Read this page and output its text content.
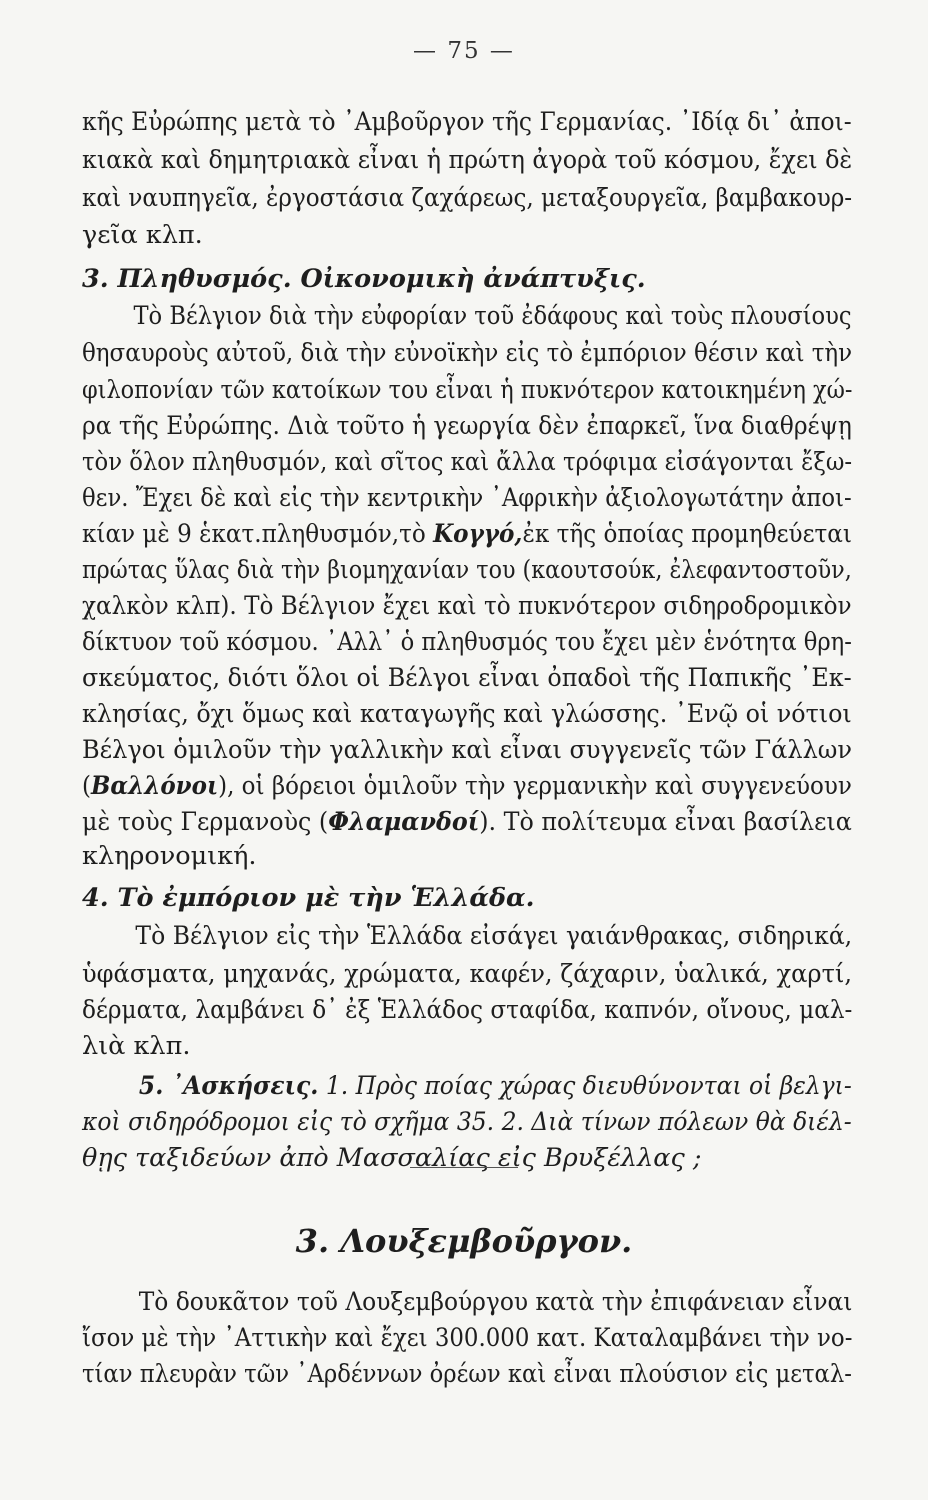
— 75 —
κῆς Εὐρώπης μετὰ τὸ ᾿Αμβοῦργον τῆς Γερμανίας. ᾿Ιδίᾳ δι᾿ ἀποι-
κιακὰ καὶ δημητριακὰ εἶναι ἡ πρώτη ἀγορὰ τοῦ κόσμου, ἔχει δὲ
καὶ ναυπηγεῖα, ἐργοστάσια ζαχάρεως, μεταξουργεῖα, βαμβακουρ-
γεῖα κλπ.
3. Πληθυσμός. Οἰκονομικὴ ἀνάπτυξις.
Τὸ Βέλγιον διὰ τὴν εὐφορίαν τοῦ ἐδάφους καὶ τοὺς πλουσίους
θησαυροὺς αὐτοῦ, διὰ τὴν εὐνοϊκὴν εἰς τὸ ἐμπόριον θέσιν καὶ τὴν
φιλοπονίαν τῶν κατοίκων του εἶναι ἡ πυκνότερον κατοικημένη χώ-
ρα τῆς Εὐρώπης. Διὰ τοῦτο ἡ γεωργία δὲν ἐπαρκεῖ, ἵνα διαθρέψῃ
τὸν ὅλον πληθυσμόν, καὶ σῖτος καὶ ἄλλα τρόφιμα εἰσάγονται ἔξω-
θεν. Ἔχει δὲ καὶ εἰς τὴν κεντρικὴν ᾿Αφρικὴν ἀξιολογωτάτην ἀποι-
κίαν μὲ 9 ἑκατ.πληθυσμόν,τὸ Κογγό,ἐκ τῆς ὁποίας προμηθεύεται
πρώτας ὕλας διὰ τὴν βιομηχανίαν του (καουτσούκ, ἐλεφαντοστοῦν,
χαλκὸν κλπ). Τὸ Βέλγιον ἔχει καὶ τὸ πυκνότερον σιδηροδρομικὸν
δίκτυον τοῦ κόσμου. ᾿Αλλ᾿ ὁ πληθυσμός του ἔχει μὲν ἑνότητα θρη-
σκεύματος, διότι ὅλοι οἱ Βέλγοι εἶναι ὀπαδοὶ τῆς Παπικῆς ᾿Εκ-
κλησίας, ὄχι ὅμως καὶ καταγωγῆς καὶ γλώσσης. ᾿Ενῷ οἱ νότιοι
Βέλγοι ὁμιλοῦν τὴν γαλλικὴν καὶ εἶναι συγγενεῖς τῶν Γάλλων
(Βαλλόνοι), οἱ βόρειοι ὁμιλοῦν τὴν γερμανικὴν καὶ συγγενεύουν
μὲ τοὺς Γερμανοὺς (Φλαμανδοί). Τὸ πολίτευμα εἶναι βασίλεια
κληρονομική.
4. Τὸ ἐμπόριον μὲ τὴν Ἑλλάδα.
Τὸ Βέλγιον εἰς τὴν Ἑλλάδα εἰσάγει γαιάνθρακας, σιδηρικά,
ὑφάσματα, μηχανάς, χρώματα, καφέν, ζάχαριν, ὑαλικά, χαρτί,
δέρματα, λαμβάνει δ᾿ ἐξ Ἑλλάδος σταφίδα, καπνόν, οἴνους, μαλ-
λιὰ κλπ.
5. ᾿Ασκήσεις. 1. Πρὸς ποίας χώρας διευθύνονται οἱ βελγι-
κοὶ σιδηρόδρομοι εἰς τὸ σχῆμα 35. 2. Διὰ τίνων πόλεων θὰ διέλ-
θῃς ταξιδεύων ἀπὸ Μασσαλίας εἰς Βρυξέλλας ;
3. Λουξεμβοῦργον.
Τὸ δουκᾶτον τοῦ Λουξεμβούργου κατὰ τὴν ἐπιφάνειαν εἶναι
ἴσον μὲ τὴν ᾿Αττικὴν καὶ ἔχει 300.000 κατ. Καταλαμβάνει τὴν νο-
τίαν πλευρὰν τῶν ᾿Αρδέννων ὀρέων καὶ εἶναι πλούσιον εἰς μεταλ-
